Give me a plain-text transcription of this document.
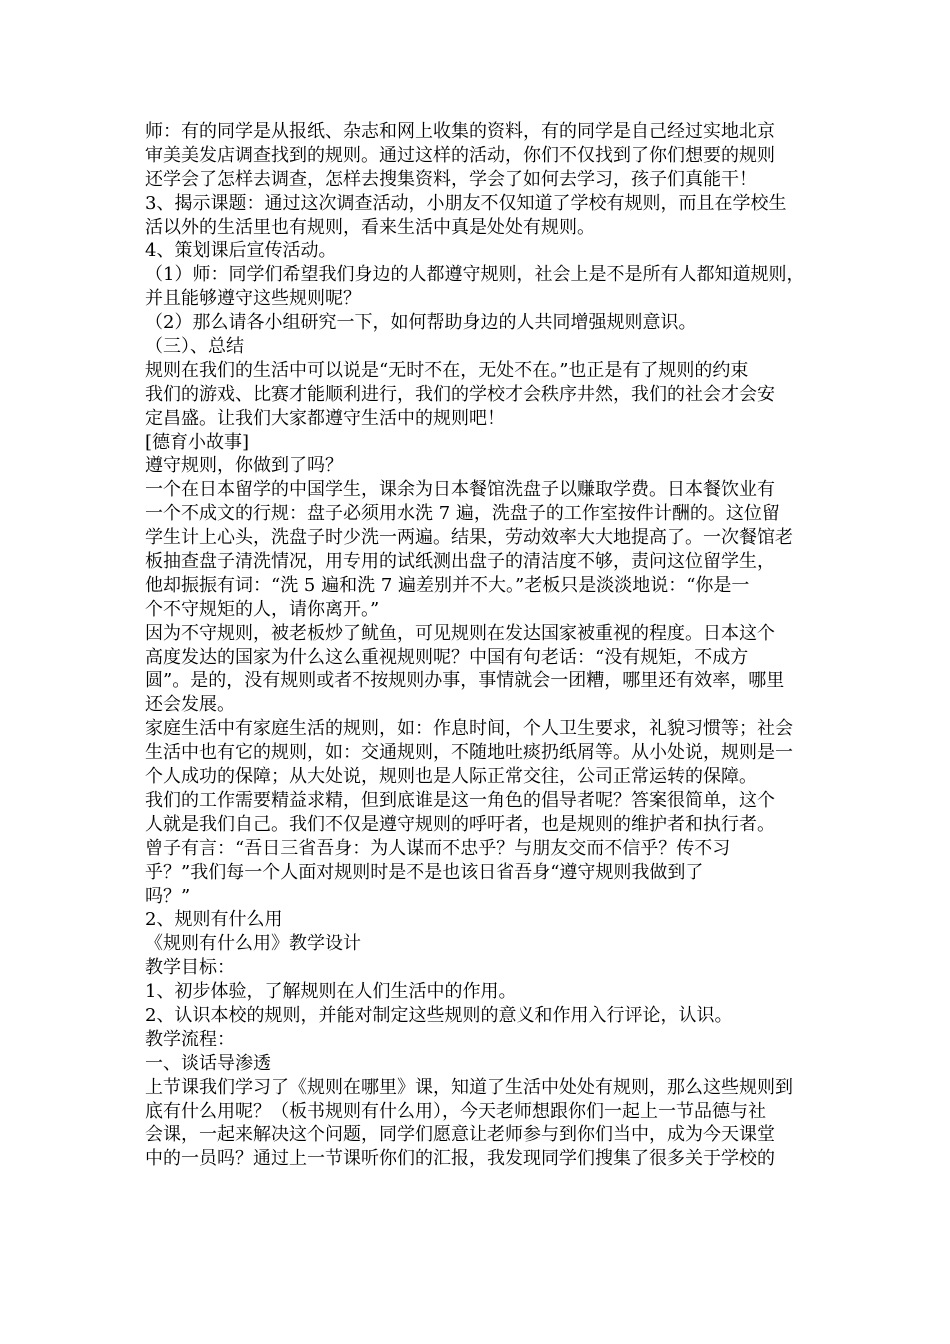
师：有的同学是从报纸、杂志和网上收集的资料，有的同学是自己经过实地北京
审美美发店调查找到的规则。通过这样的活动，你们不仅找到了你们想要的规则
还学会了怎样去调查，怎样去搜集资料，学会了如何去学习，孩子们真能干！
3、揭示课题：通过这次调查活动，小朋友不仅知道了学校有规则，而且在学校生
活以外的生活里也有规则，看来生活中真是处处有规则。
4、策划课后宣传活动。
（1）师：同学们希望我们身边的人都遵守规则，社会上是不是所有人都知道规则，
并且能够遵守这些规则呢？
（2）那么请各小组研究一下，如何帮助身边的人共同增强规则意识。
（三）、总结
规则在我们的生活中可以说是“无时不在，无处不在。”也正是有了规则的约束
我们的游戏、比赛才能顺利进行，我们的学校才会秩序井然，我们的社会才会安
定昌盛。让我们大家都遵守生活中的规则吧！
[德育小故事]
遵守规则，你做到了吗？
一个在日本留学的中国学生，课余为日本餐馆洗盘子以赚取学费。日本餐饮业有
一个不成文的行规：盘子必须用水洗 7 遍，洗盘子的工作室按件计酬的。这位留
学生计上心头，洗盘子时少洗一两遍。结果，劳动效率大大地提高了。一次餐馆老
板抽查盘子清洗情况，用专用的试纸测出盘子的清洁度不够，责问这位留学生，
他却振振有词：“洗 5 遍和洗 7 遍差别并不大。”老板只是淡淡地说：“你是一
个不守规矩的人，请你离开。”
因为不守规则，被老板炒了鱿鱼，可见规则在发达国家被重视的程度。日本这个
高度发达的国家为什么这么重视规则呢？中国有句老话：“没有规矩，不成方
圆”。是的，没有规则或者不按规则办事，事情就会一团糟，哪里还有效率，哪里
还会发展。
家庭生活中有家庭生活的规则，如：作息时间，个人卫生要求，礼貌习惯等；社会
生活中也有它的规则，如：交通规则，不随地吐痰扔纸屑等。从小处说，规则是一
个人成功的保障；从大处说，规则也是人际正常交往，公司正常运转的保障。
我们的工作需要精益求精，但到底谁是这一角色的倡导者呢？答案很简单，这个
人就是我们自己。我们不仅是遵守规则的呼吁者，也是规则的维护者和执行者。
曾子有言：“吾日三省吾身：为人谋而不忠乎？与朋友交而不信乎？传不习
乎？”我们每一个人面对规则时是不是也该日省吾身“遵守规则我做到了
吗？”
2、规则有什么用
《规则有什么用》教学设计
教学目标：
1、初步体验，了解规则在人们生活中的作用。
2、认识本校的规则，并能对制定这些规则的意义和作用入行评论，认识。
教学流程：
一、谈话导渗透
上节课我们学习了《规则在哪里》课，知道了生活中处处有规则，那么这些规则到
底有什么用呢？（板书规则有什么用），今天老师想跟你们一起上一节品德与社
会课，一起来解决这个问题，同学们愿意让老师参与到你们当中，成为今天课堂
中的一员吗？通过上一节课听你们的汇报，我发现同学们搜集了很多关于学校的
